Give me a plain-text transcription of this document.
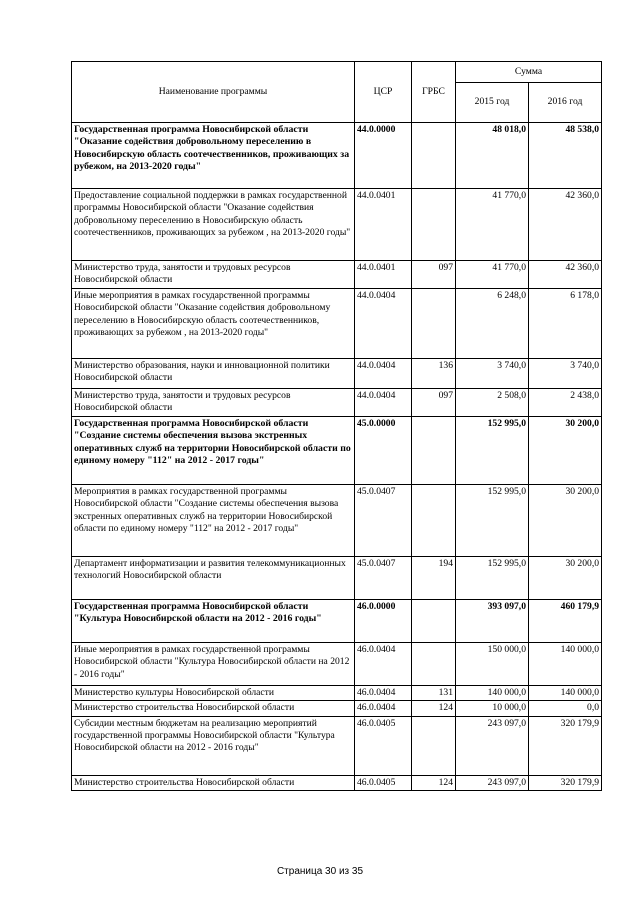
Наименование программы	ЦСР	ГРБС	Сумма	
			2015 год	2016 год
Государственная программа Новосибирской области "Оказание содействия добровольному переселению в Новосибирскую область соотечественников, проживающих за рубежом, на 2013-2020 годы"	44.0.0000		48 018,0	48 538,0
Предоставление социальной поддержки в рамках государственной программы Новосибирской области "Оказание содействия добровольному переселению в Новосибирскую область соотечественников, проживающих за рубежом , на 2013-2020 годы"	44.0.0401		41 770,0	42 360,0
Министерство труда, занятости и трудовых ресурсов Новосибирской области	44.0.0401	097	41 770,0	42 360,0
Иные мероприятия в рамках государственной программы Новосибирской области "Оказание содействия добровольному переселению в Новосибирскую область соотечественников, проживающих за рубежом , на 2013-2020 годы"	44.0.0404		6 248,0	6 178,0
Министерство образования, науки и инновационной политики Новосибирской области	44.0.0404	136	3 740,0	3 740,0
Министерство труда, занятости и трудовых ресурсов Новосибирской области	44.0.0404	097	2 508,0	2 438,0
Государственная программа Новосибирской области "Создание системы обеспечения вызова экстренных оперативных служб на территории Новосибирской области по единому номеру "112" на 2012 - 2017 годы"	45.0.0000		152 995,0	30 200,0
Мероприятия в рамках государственной программы Новосибирской области "Создание системы обеспечения вызова экстренных оперативных служб на территории Новосибирской области по единому номеру "112" на 2012 - 2017 годы"	45.0.0407		152 995,0	30 200,0
Департамент информатизации и развития телекоммуникационных технологий Новосибирской области	45.0.0407	194	152 995,0	30 200,0
Государственная программа Новосибирской области "Культура Новосибирской области на 2012 - 2016 годы"	46.0.0000		393 097,0	460 179,9
Иные мероприятия в рамках государственной программы Новосибирской области "Культура Новосибирской области на 2012 - 2016 годы"	46.0.0404		150 000,0	140 000,0
Министерство культуры Новосибирской области	46.0.0404	131	140 000,0	140 000,0
Министерство строительства Новосибирской области	46.0.0404	124	10 000,0	0,0
Субсидии местным бюджетам на реализацию мероприятий государственной программы Новосибирской области "Культура Новосибирской области на 2012 - 2016 годы"	46.0.0405		243 097,0	320 179,9
Министерство строительства Новосибирской области	46.0.0405	124	243 097,0	320 179,9
Страница 30 из 35
